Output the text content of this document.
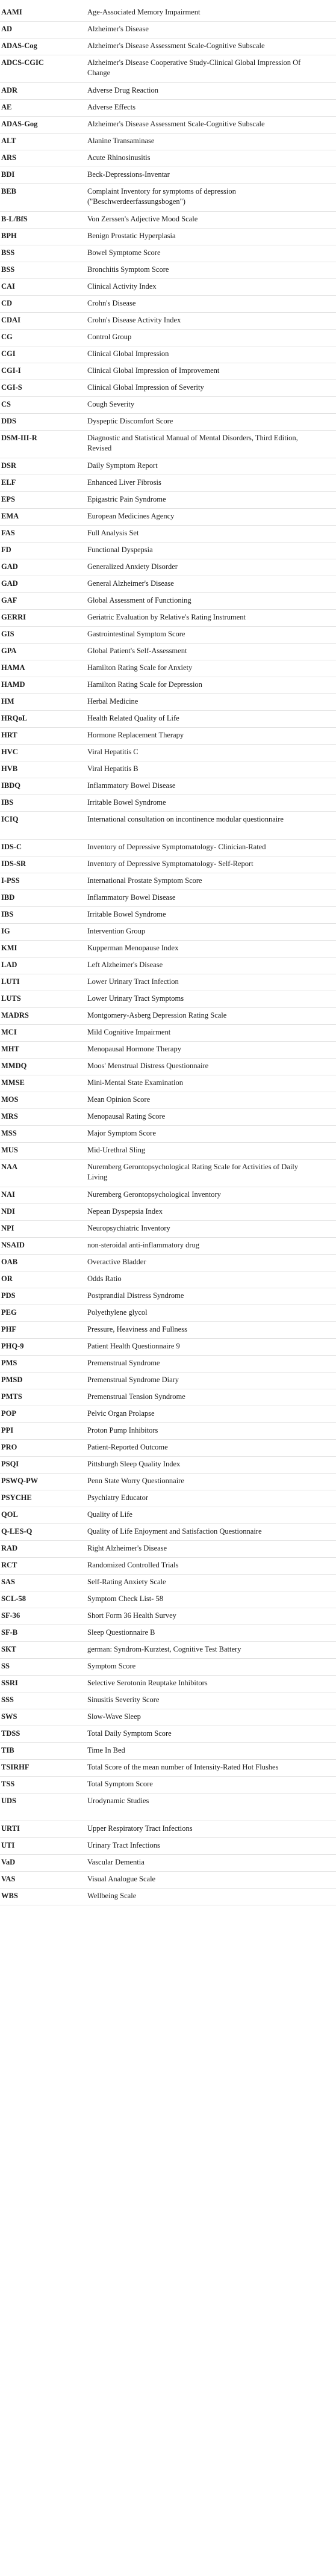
AAMI	Age-Associated Memory Impairment
AD	Alzheimer's Disease
ADAS-Cog	Alzheimer's Disease Assessment Scale-Cognitive Subscale
ADCS-CGIC	Alzheimer's Disease Cooperative Study-Clinical Global Impression Of Change
ADR	Adverse Drug Reaction
AE	Adverse Effects
ADAS-Gog	Alzheimer's Disease Assessment Scale-Cognitive Subscale
ALT	Alanine Transaminase
ARS	Acute Rhinosinusitis
BDI	Beck-Depressions-Inventar
BEB	Complaint Inventory for symptoms of depression ("Beschwerdeerfassungsbogen")
B-L/BfS	Von Zerssen's Adjective Mood Scale
BPH	Benign Prostatic Hyperplasia
BSS	Bowel Symptome Score
BSS	Bronchitis Symptom Score
CAI	Clinical Activity Index
CD	Crohn's Disease
CDAI	Crohn's Disease Activity Index
CG	Control Group
CGI	Clinical Global Impression
CGI-I	Clinical Global Impression of Improvement
CGI-S	Clinical Global Impression of Severity
CS	Cough Severity
DDS	Dyspeptic Discomfort Score
DSM-III-R	Diagnostic and Statistical Manual of Mental Disorders, Third Edition, Revised
DSR	Daily Symptom Report
ELF	Enhanced Liver Fibrosis
EPS	Epigastric Pain Syndrome
EMA	European Medicines Agency
FAS	Full Analysis Set
FD	Functional Dyspepsia
GAD	Generalized Anxiety Disorder
GAD	General Alzheimer's Disease
GAF	Global Assessment of Functioning
GERRI	Geriatric Evaluation by Relative's Rating Instrument
GIS	Gastrointestinal Symptom Score
GPA	Global Patient's Self-Assessment
HAMA	Hamilton Rating Scale for Anxiety
HAMD	Hamilton Rating Scale for Depression
HM	Herbal Medicine
HRQoL	Health Related Quality of Life
HRT	Hormone Replacement Therapy
HVC	Viral Hepatitis C
HVB	Viral Hepatitis B
IBDQ	Inflammatory Bowel Disease
IBS	Irritable Bowel Syndrome
ICIQ	International consultation on incontinence modular questionnaire
IDS-C	Inventory of Depressive Symptomatology- Clinician-Rated
IDS-SR	Inventory of Depressive Symptomatology- Self-Report
I-PSS	International Prostate Symptom Score
IBD	Inflammatory Bowel Disease
IBS	Irritable Bowel Syndrome
IG	Intervention Group
KMI	Kupperman Menopause Index
LAD	Left Alzheimer's Disease
LUTI	Lower Urinary Tract Infection
LUTS	Lower Urinary Tract Symptoms
MADRS	Montgomery-Asberg Depression Rating Scale
MCI	Mild Cognitive Impairment
MHT	Menopausal Hormone Therapy
MMDQ	Moos' Menstrual Distress Questionnaire
MMSE	Mini-Mental State Examination
MOS	Mean Opinion Score
MRS	Menopausal Rating Score
MSS	Major Symptom Score
MUS	Mid-Urethral Sling
NAA	Nuremberg Gerontopsychological Rating Scale for Activities of Daily Living
NAI	Nuremberg Gerontopsychological Inventory
NDI	Nepean Dyspepsia Index
NPI	Neuropsychiatric Inventory
NSAID	non-steroidal anti-inflammatory drug
OAB	Overactive Bladder
OR	Odds Ratio
PDS	Postprandial Distress Syndrome
PEG	Polyethylene glycol
PHF	Pressure, Heaviness and Fullness
PHQ-9	Patient Health Questionnaire 9
PMS	Premenstrual Syndrome
PMSD	Premenstrual Syndrome Diary
PMTS	Premenstrual Tension Syndrome
POP	Pelvic Organ Prolapse
PPI	Proton Pump Inhibitors
PRO	Patient-Reported Outcome
PSQI	Pittsburgh Sleep Quality Index
PSWQ-PW	Penn State Worry Questionnaire
PSYCHE	Psychiatry Educator
QOL	Quality of Life
Q-LES-Q	Quality of Life Enjoyment and Satisfaction Questionnaire
RAD	Right Alzheimer's Disease
RCT	Randomized Controlled Trials
SAS	Self-Rating Anxiety Scale
SCL-58	Symptom Check List- 58
SF-36	Short Form 36 Health Survey
SF-B	Sleep Questionnaire B
SKT	german: Syndrom-Kurztest, Cognitive Test Battery
SS	Symptom Score
SSRI	Selective Serotonin Reuptake Inhibitors
SSS	Sinusitis Severity Score
SWS	Slow-Wave Sleep
TDSS	Total Daily Symptom Score
TIB	Time In Bed
TSIRHF	Total Score of the mean number of Intensity-Rated Hot Flushes
TSS	Total Symptom Score
UDS	Urodynamic Studies
URTI	Upper Respiratory Tract Infections
UTI	Urinary Tract Infections
VaD	Vascular Dementia
VAS	Visual Analogue Scale
WBS	Wellbeing Scale
